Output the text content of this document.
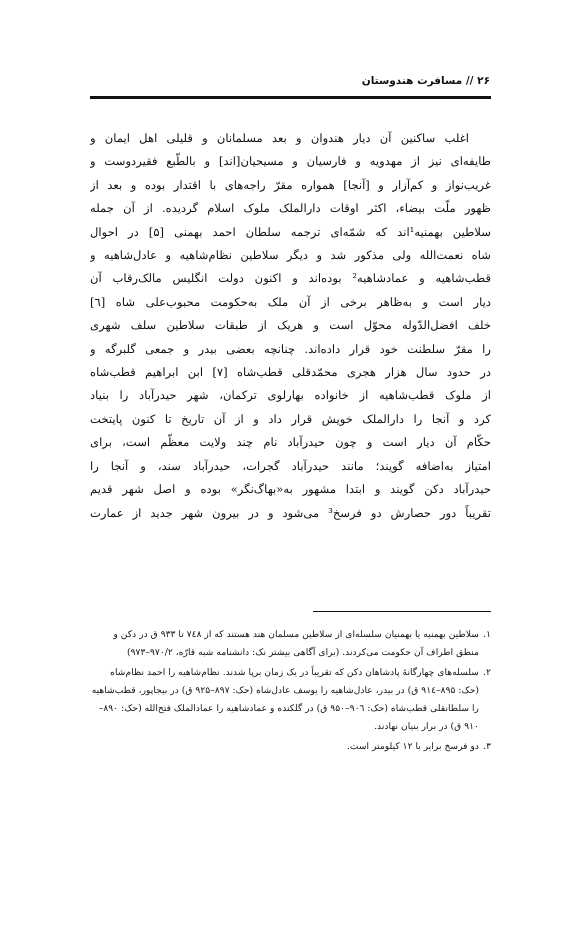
۲۶ // مسافرت هندوستان
اغلب ساکنین آن دیار هندوان و بعد مسلمانان و قلیلی اهل ایمان و
طایفه‌ای نیز از مهدویه و فارسیان و مسیحیان[اند] و بالطّبع فقیردوست و
غریب‌نواز و کم‌آزار و [آنجا] همواره مقرّ راجه‌های با اقتدار بوده و بعد از
ظهور ملّت بیضاء، اکثر اوقات دارالملک ملوک اسلام گردیده. از آن جمله
سلاطین بهمنیه¹اند که شمّه‌ای ترجمه سلطان احمد بهمنی [۵] در احوال
شاه نعمت‌الله ولی مذکور شد و دیگر سلاطین نظام‌شاهیه و عادل‌شاهیه و
قطب‌شاهیه و عمادشاهیه² بوده‌اند و اکنون دولت انگلیس مالک‌رقاب آن
دیار است و به‌ظاهر برخی از آن ملک به‌حکومت محبوب‌علی شاه [٦]
خلف افضل‌الدّوله محوّل است و هریک از طبقات سلاطین سلف شهری
را مقرّ سلطنت خود قرار داده‌اند. چنانچه بعضی بیدر و جمعی گلبرگه و
در حدود سال هزار هجری محمّدقلی قطب‌شاه [۷] ابن ابراهیم قطب‌شاه
از ملوک قطب‌شاهیه از خانواده بهارلوی ترکمان، شهر حیدرآباد را بنیاد
کرد و آنجا را دارالملک خویش قرار داد و از آن تاریخ تا کنون پایتخت
حکّام آن دیار است و چون حیدرآباد نام چند ولایت معظّم است، برای
امتیاز به‌اضافه گویند؛ مانند حیدرآباد گجرات، حیدرآباد سند، و آنجا را
حیدرآباد دکن گویند و ابتدا مشهور به«بهاگ‌نگر» بوده و اصل شهر قدیم
تقریباً دور حصارش دو فرسخ³ می‌شود و در بیرون شهر جدید از عمارت
۱.
سلاطین بهمنیه یا بهمنیان سلسله‌ای از سلاطین مسلمان هند هستند که از ۷٤۸ تا ۹۳۳ ق در دکن و منطق اطراف آن حکومت می‌کردند. (برای آگاهی بیشتر نک: دانشنامه شبه قارّه، ۹۷۰/۲–۹۷۳)
۲.
سلسله‌های چهارگانهٔ پادشاهان دکن که تقریباً در یک زمان برپا شدند. نظام‌شاهیه را احمد نظام‌شاه (حک: ۸۹۵–۹۱٤ ق) در بیدر، عادل‌شاهیه را یوسف عادل‌شاه (حک: ۸۹۷–۹۲۵ ق) در بیجاپور، قطب‌شاهیه را سلطانقلی قطب‌شاه (حک: ۹۰٦–۹۵۰ ق) در گلکنده و عمادشاهیه را عمادالملک فتح‌الله (حک: ۸۹۰–۹۱۰ ق) در برار بنیان نهادند.
۳.
دو فرسخ برابر با ۱۲ کیلومتر است.
